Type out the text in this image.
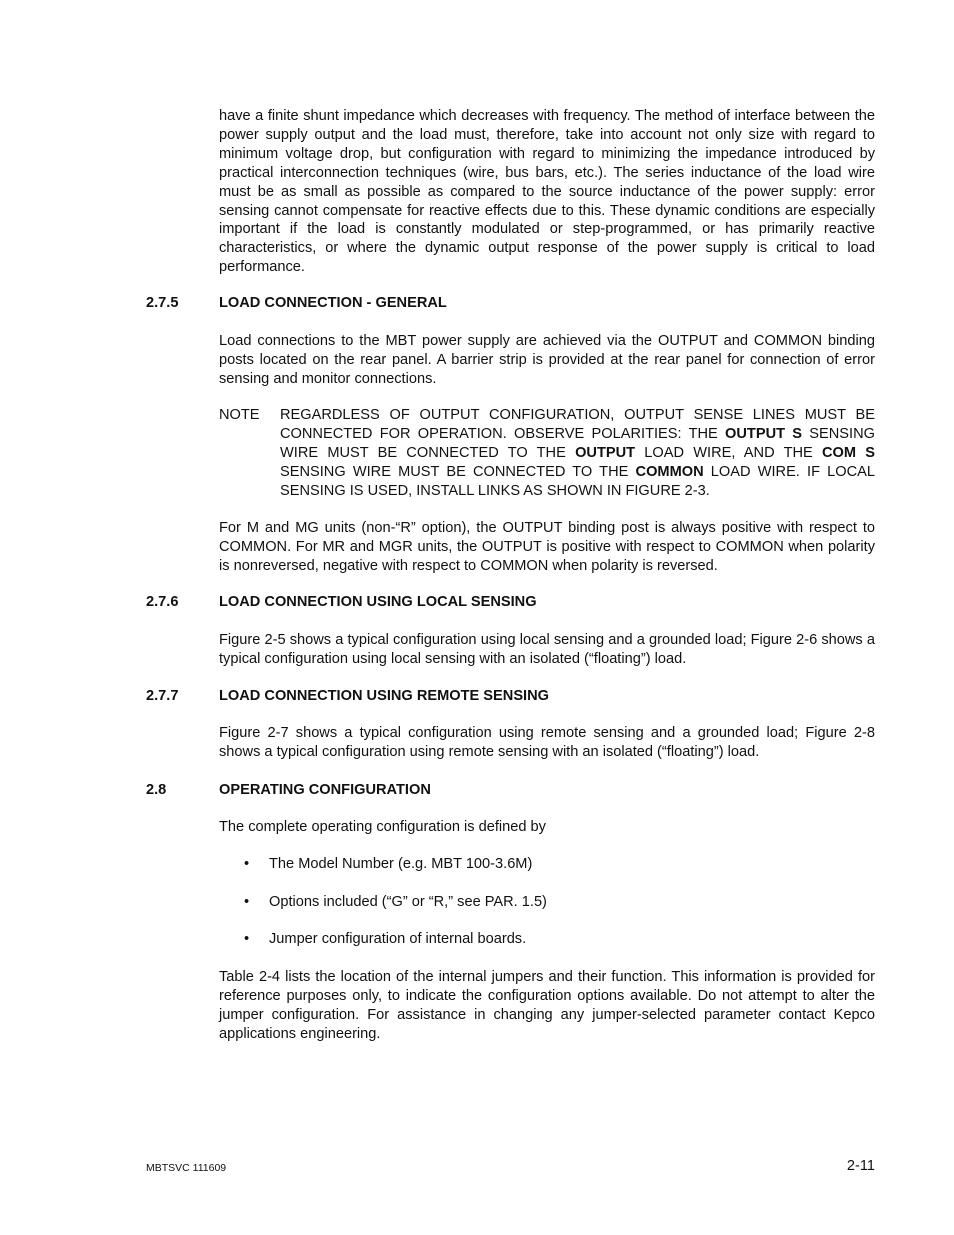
have a finite shunt impedance which decreases with frequency. The method of interface between the power supply output and the load must, therefore, take into account not only size with regard to minimum voltage drop, but configuration with regard to minimizing the impedance introduced by practical interconnection techniques (wire, bus bars, etc.). The series inductance of the load wire must be as small as possible as compared to the source inductance of the power supply: error sensing cannot compensate for reactive effects due to this. These dynamic conditions are especially important if the load is constantly modulated or step-programmed, or has primarily reactive characteristics, or where the dynamic output response of the power supply is critical to load performance.

2.7.5	LOAD CONNECTION - GENERAL

Load connections to the MBT power supply are achieved via the OUTPUT and COMMON binding posts located on the rear panel. A barrier strip is provided at the rear panel for connection of error sensing and monitor connections.

NOTE REGARDLESS OF OUTPUT CONFIGURATION, OUTPUT SENSE LINES MUST BE CONNECTED FOR OPERATION. OBSERVE POLARITIES: THE OUTPUT S SENSING WIRE MUST BE CONNECTED TO THE OUTPUT LOAD WIRE, AND THE COM S SENSING WIRE MUST BE CONNECTED TO THE COMMON LOAD WIRE. IF LOCAL SENSING IS USED, INSTALL LINKS AS SHOWN IN FIGURE 2-3.

For M and MG units (non-“R” option), the OUTPUT binding post is always positive with respect to COMMON. For MR and MGR units, the OUTPUT is positive with respect to COMMON when polarity is nonreversed, negative with respect to COMMON when polarity is reversed.

2.7.6	LOAD CONNECTION USING LOCAL SENSING

Figure 2-5 shows a typical configuration using local sensing and a grounded load; Figure 2-6 shows a typical configuration using local sensing with an isolated (“floating”) load.

2.7.7	LOAD CONNECTION USING REMOTE SENSING

Figure 2-7 shows a typical configuration using remote sensing and a grounded load; Figure 2-8 shows a typical configuration using remote sensing with an isolated (“floating”) load.

2.8	OPERATING CONFIGURATION

The complete operating configuration is defined by

• The Model Number (e.g. MBT 100-3.6M)
• Options included (“G” or “R,” see PAR. 1.5)
• Jumper configuration of internal boards.

Table 2-4 lists the location of the internal jumpers and their function. This information is provided for reference purposes only, to indicate the configuration options available. Do not attempt to alter the jumper configuration. For assistance in changing any jumper-selected parameter contact Kepco applications engineering.

MBTSVC 111609	2-11
